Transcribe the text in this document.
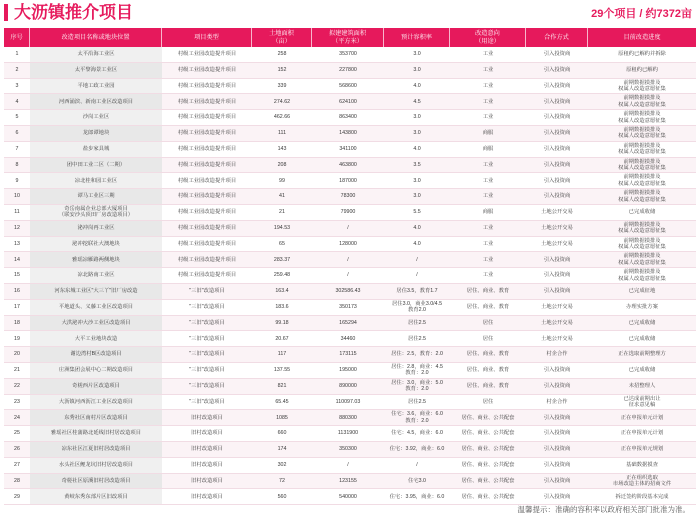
大沥镇推介项目	29个项目 / 约7372亩
序号	改造项目名称或地块位置	项目类型	土地面积
（亩）	拟建建筑面积
（平方米）	预计容积率	改造意向
（用途）	合作方式	目前改造进度
1	太平沿海工业区	村级工业园改造提升项目	258	353700	3.0	工业	引入投资商	原租约已解约并拆除
2	太平黎海景工业区	村级工业园改造提升项目	152	227800	3.0	工业	引入投资商	原租约已解约
3	平地工政工业园	村级工业园改造提升项目	339	568600	4.0	工业	引入投资商	前期数据摸排及
权属人改造意愿征集
4	河西涌滨、新南工业区改造项目	村级工业园改造提升项目	274.62	624100	4.5	工业	引入投资商	前期数据摸排及
权属人改造意愿征集
5	沙岗工业区	村级工业园改造提升项目	462.66	863400	3.0	工业	引入投资商	前期数据摸排及
权属人改造意愿征集
6	龙郎谭地块	村级工业园改造提升项目	111	143800	3.0	商服	引入投资商	前期数据摸排及
权属人改造意愿征集
7	盐步家具城	村级工业园改造提升项目	143	341100	4.0	商服	引入投资商	前期数据摸排及
权属人改造意愿征集
8	团中田工业二区（二期）	村级工业园改造提升项目	208	463800	3.5	工业	引入投资商	前期数据摸排及
权属人改造意愿征集
9	凉北桂和园工业区	村级工业园改造提升项目	99	187000	3.0	工业	引入投资商	前期数据摸排及
权属人改造意愿征集
10	谭马工业区三期	村级工业园改造提升项目	41	78300	3.0	工业	引入投资商	前期数据摸排及
权属人改造意愿征集
11	奇岳南属企业总部大厦项目
（联安沙头顶田厂房改造项目）	村级工业园改造提升项目	21	79900	5.5	商服	土地公开交易	已完成收储
12	泌冲岗再工业区	村级工业园改造提升项目	194.53	/	4.0	工业	土地公开交易	前期数据摸排及
权属人改造意愿征集
13	泌冲挖联社大澳地块	村级工业园改造提升项目	65	128000	4.0	工业	土地公开交易	前期数据摸排及
权属人改造意愿征集
14	雅瑶凉雁路两侧地块	村级工业园改造提升项目	283.37	/	/	工业	引入投资商	前期数据摸排及
权属人改造意愿征集
15	凉北路南工业区	村级工业园改造提升项目	259.48	/	/	工业	引入投资商	前期数据摸排及
权属人改造意愿征集
16	河东东城工业区"大三丫"旧厂房改造	"三旧"改造项目	163.4	302586.43	居住3.5，教育1.7	居住、商业、教育	引入投资商	已完成征地
17	平地道头、义藤工业区改造项目	"三旧"改造项目	183.6	350173	居住3.0，商业3.0/4.5
教育2.0	居住、商业、教育	土地公开交易	办理实批方案
18	大洪泌冲大沙工业区改造项目	"三旧"改造项目	99.18	165294	居住2.5	居住	土地公开交易	已完成收储
19	大平工业地块改造	"三旧"改造项目	20.67	34460	居住2.5	居住	土地公开交易	已完成收储
20	谢边湾村B区改造项目	"三旧"改造项目	117	173115	居住：2.5，教育：2.0	居住、商业、教育	村企合作	正在选取前期整理方
21	庄洲集团会展中心二期改造项目	"三旧"改造项目	137.55	195000	居住：2.8，商业：4.5
教育：2.0	居住、商业、教育	引入投资商	已完成收储
22	奇槎西片区改造项目	"三旧"改造项目	821	890000	居住：3.0，商业：5.0
教育：2.0	居住、商业、教育	引入投资商	未招整理人
23	大沥镇河西沥江工业区改造项目	"三旧"改造项目	65.45	110097.03	居住2.5	居住	村企合作	已达成前期出让
征求意见稿
24	东秀社区南村片区改造项目	旧村改造项目	1085	880300	住宅：3.6，商业：6.0
教育：2.0	居住、商业、公共配套	引入投资商	正在申报单元计划
25	雅瑶社区桂蒲路北延线旧村居改造项目	旧村改造项目	660	1131900	住宅：4.5，商业：6.0	居住、商业、公共配套	引入投资商	正在申报单元计划
26	凉东社区江夏旧村居改造项目	旧村改造项目	174	350300	住宅：3.92，商业：6.0	居住、商业、公共配套	引入投资商	正在申报单元规划
27	水头社区鲤龙坑旧村居改造项目	旧村改造项目	302	/	/	居住、商业、公共配套	引入投资商	基础数据摸查
28	奇槎社区原溪旧村居改造项目	旧村改造项目	72	123155	住宅3.0	居住、商业、公共配套	引入投资商	正在组织选取
市场改造主体的招商文件
29	黄岐东秀东部片区旧改项目	旧村改造项目	560	540000	住宅：3.95，商业：6.0	居住、商业、公共配套	引入投资商	拆迁签约阶段基本完成
温馨提示：准确的容积率以政府相关部门批准为准。
